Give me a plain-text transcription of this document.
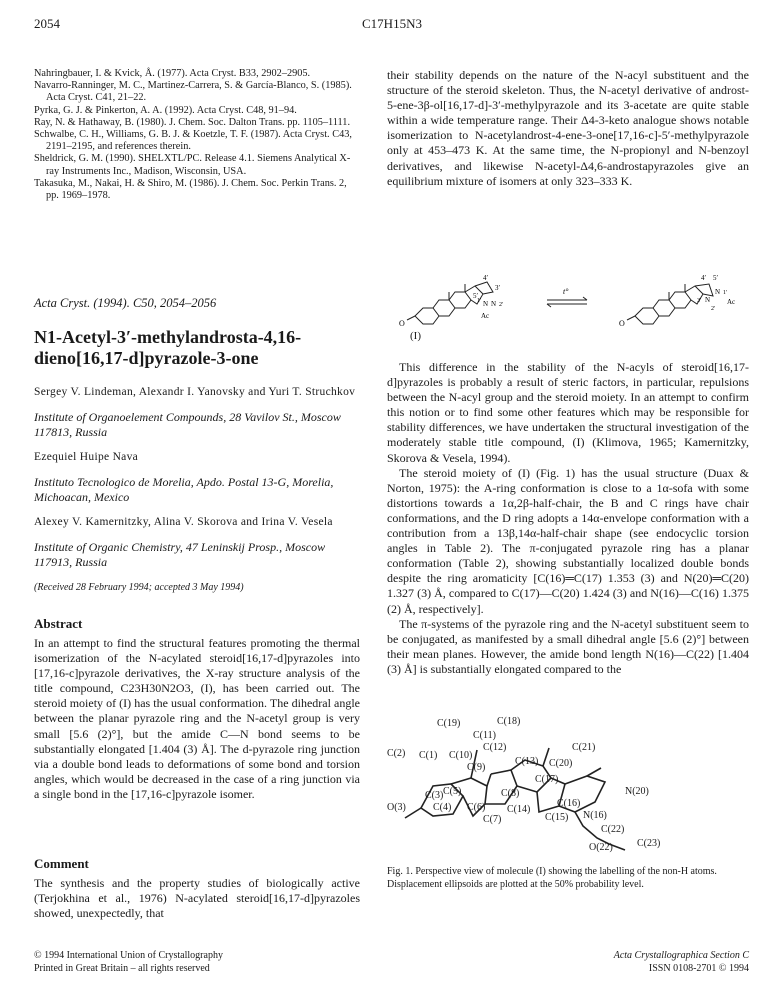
2054	C17H15N3

Nahringbauer, I. & Kvick, Å. (1977). Acta Cryst. B33, 2902–2905.

Navarro-Ranninger, M. C., Martinez-Carrera, S. & García-Blanco, S. (1985). Acta Cryst. C41, 21–22.

Pyrka, G. J. & Pinkerton, A. A. (1992). Acta Cryst. C48, 91–94.

Ray, N. & Hathaway, B. (1980). J. Chem. Soc. Dalton Trans. pp. 1105–1111.

Schwalbe, C. H., Williams, G. B. J. & Koetzle, T. F. (1987). Acta Cryst. C43, 2191–2195, and references therein.

Sheldrick, G. M. (1990). SHELXTL/PC. Release 4.1. Siemens Analytical X-ray Instruments Inc., Madison, Wisconsin, USA.

Takasuka, M., Nakai, H. & Shiro, M. (1986). J. Chem. Soc. Perkin Trans. 2, pp. 1969–1978.

Acta Cryst. (1994). C50, 2054–2056
N1-Acetyl-3′-methylandrosta-4,16-dieno[16,17-d]pyrazole-3-one
Sergey V. Lindeman, Alexandr I. Yanovsky and Yuri T. Struchkov
Institute of Organoelement Compounds, 28 Vavilov St., Moscow 117813, Russia
Ezequiel Huipe Nava
Instituto Tecnologico de Morelia, Apdo. Postal 13-G, Morelia, Michoacan, Mexico
Alexey V. Kamernitzky, Alina V. Skorova and Irina V. Vesela
Institute of Organic Chemistry, 47 Leninskij Prosp., Moscow 117913, Russia
(Received 28 February 1994; accepted 3 May 1994)
Abstract
In an attempt to find the structural features promoting the thermal isomerization of the N-acylated steroid[16,17-d]pyrazoles into [17,16-c]pyrazole derivatives, the X-ray structure analysis of the title compound, C23H30N2O3, (I), has been carried out. The steroid moiety of (I) has the usual conformation. The dihedral angle between the planar pyrazole ring and the N-acetyl group is very small [5.6 (2)°], but the amide C—N bond seems to be substantially elongated [1.404 (3) Å]. The d-pyrazole ring junction via a double bond leads to deformations of some bond and torsion angles, which would be decreased in the case of a ring junction via a single bond in the [17,16-c]pyrazole isomer.
Comment
The synthesis and the property studies of biologically active (Terjokhina et al., 1976) N-acylated steroid[16,17-d]pyrazoles showed, unexpectedly, that
their stability depends on the nature of the N-acyl substituent and the structure of the steroid skeleton. Thus, the N-acetyl derivative of androst-5-ene-3β-ol[16,17-d]-3′-methylpyrazole and its 3-acetate are quite stable within a wide temperature range. Their Δ4-3-keto analogue shows notable isomerization to N-acetylandrost-4-ene-3-one[17,16-c]-5′-methylpyrazole only at 453–473 K. At the same time, the N-propionyl and N-benzoyl derivatives, and likewise N-acetyl-Δ4,6-androstapyrazoles give an equilibrium mixture of isomers at only 323–333 K.
O
4′
3′
5′
N
1′ N 2′
Ac
t°
O
4′ 5′
N 1′
3′ N
2′
Ac
(I)

This difference in the stability of the N-acyls of steroid[16,17-d]pyrazoles is probably a result of steric factors, in particular, repulsions between the N-acyl group and the steroid moiety. In an attempt to confirm this notion or to find some other features which may be responsible for stability differences, we have undertaken the structural investigation of the moderately stable title compound, (I) (Klimova, 1965; Kamernitzky, Skorova & Vesela, 1994).

The steroid moiety of (I) (Fig. 1) has the usual structure (Duax & Norton, 1975): the A-ring conformation is close to a 1α-sofa with some distortions towards a 1α,2β-half-chair, the B and C rings have chair conformations, and the D ring adopts a 14α-envelope conformation with a contribution from a 13β,14α-half-chair shape (see endocyclic torsion angles in Table 2). The π-conjugated pyrazole ring has a planar conformation (Table 2), showing substantially localized double bonds despite the ring aromaticity [C(16)═C(17) 1.353 (3) and N(20)═C(20) 1.327 (3) Å, compared to C(17)—C(20) 1.424 (3) and N(16)—C(16) 1.375 (2) Å, respectively].

The π-systems of the pyrazole ring and the N-acetyl substituent seem to be conjugated, as manifested by a small dihedral angle [5.6 (2)°] between their mean planes. However, the amide bond length N(16)—C(22) [1.404 (3) Å] is substantially elongated compared to the

C(19)	C(18)
C(11)
C(12)	C(21)
C(2) C(1) C(10)
C(9)
C(13) C(20)
C(17)
N(20)
C(5)	C(8)
O(3)
C(3)
C(4) C(6) C(14)
C(16)
C(7)	C(15) N(16)
C(22)
O(22) C(23)
Fig. 1. Perspective view of molecule (I) showing the labelling of the non-H atoms. Displacement ellipsoids are plotted at the 50% probability level.
© 1994 International Union of Crystallography
Printed in Great Britain – all rights reserved
Acta Crystallographica Section C
ISSN 0108-2701 © 1994
